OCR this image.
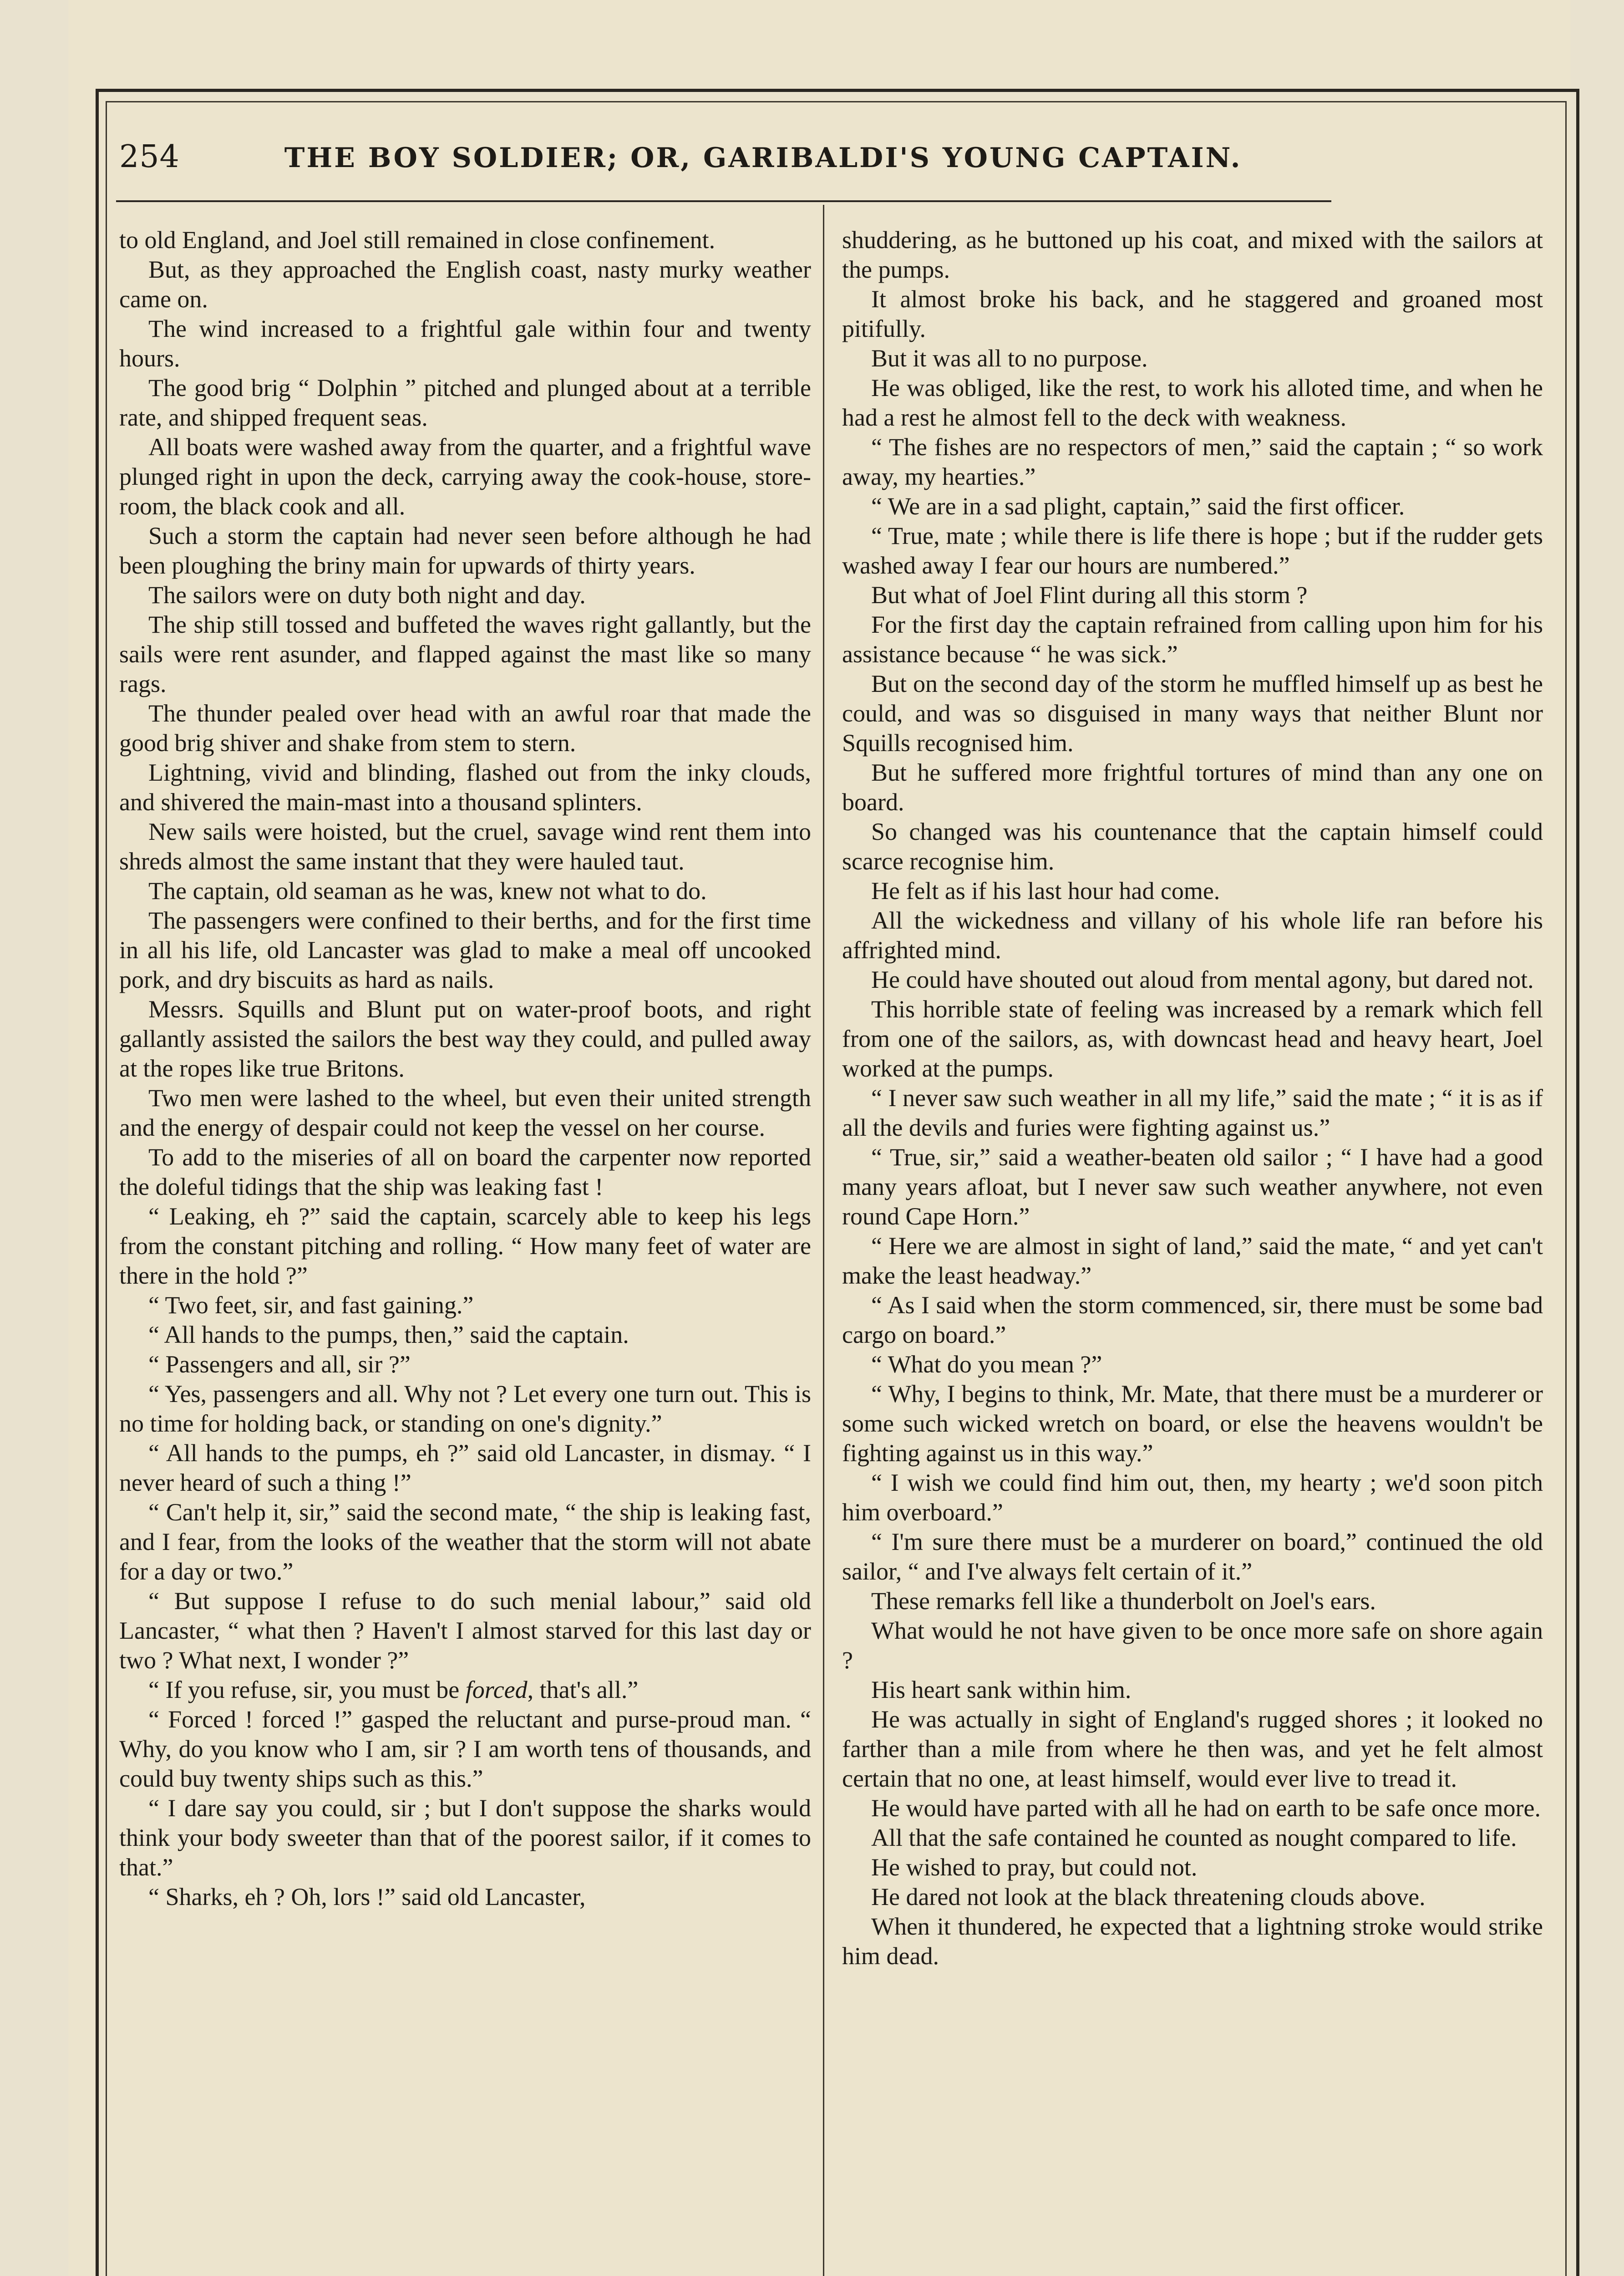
254	THE BOY SOLDIER; OR, GARIBALDI'S YOUNG CAPTAIN.

to old England, and Joel still remained in close confinement.

But, as they approached the English coast, nasty murky weather came on.

The wind increased to a frightful gale within four and twenty hours.

The good brig “ Dolphin ” pitched and plunged about at a terrible rate, and shipped frequent seas.

All boats were washed away from the quarter, and a frightful wave plunged right in upon the deck, carrying away the cook-house, store-room, the black cook and all.

Such a storm the captain had never seen before although he had been ploughing the briny main for upwards of thirty years.

The sailors were on duty both night and day.

The ship still tossed and buffeted the waves right gallantly, but the sails were rent asunder, and flapped against the mast like so many rags.

The thunder pealed over head with an awful roar that made the good brig shiver and shake from stem to stern.

Lightning, vivid and blinding, flashed out from the inky clouds, and shivered the main-mast into a thousand splinters.

New sails were hoisted, but the cruel, savage wind rent them into shreds almost the same instant that they were hauled taut.

The captain, old seaman as he was, knew not what to do.

The passengers were confined to their berths, and for the first time in all his life, old Lancaster was glad to make a meal off uncooked pork, and dry biscuits as hard as nails.

Messrs. Squills and Blunt put on water-proof boots, and right gallantly assisted the sailors the best way they could, and pulled away at the ropes like true Britons.

Two men were lashed to the wheel, but even their united strength and the energy of despair could not keep the vessel on her course.

To add to the miseries of all on board the carpenter now reported the doleful tidings that the ship was leaking fast !

“ Leaking, eh ?” said the captain, scarcely able to keep his legs from the constant pitching and rolling. “ How many feet of water are there in the hold ?”

“ Two feet, sir, and fast gaining.”

“ All hands to the pumps, then,” said the captain.

“ Passengers and all, sir ?”

“ Yes, passengers and all. Why not ? Let every one turn out. This is no time for holding back, or standing on one's dignity.”

“ All hands to the pumps, eh ?” said old Lancaster, in dismay. “ I never heard of such a thing !”

“ Can't help it, sir,” said the second mate, “ the ship is leaking fast, and I fear, from the looks of the weather that the storm will not abate for a day or two.”

“ But suppose I refuse to do such menial labour,” said old Lancaster, “ what then ? Haven't I almost starved for this last day or two ? What next, I wonder ?”

“ If you refuse, sir, you must be forced, that's all.”

“ Forced ! forced !” gasped the reluctant and purse-proud man. “ Why, do you know who I am, sir ? I am worth tens of thousands, and could buy twenty ships such as this.”

“ I dare say you could, sir ; but I don't suppose the sharks would think your body sweeter than that of the poorest sailor, if it comes to that.”

“ Sharks, eh ? Oh, lors !” said old Lancaster,

shuddering, as he buttoned up his coat, and mixed with the sailors at the pumps.

It almost broke his back, and he staggered and groaned most pitifully.

But it was all to no purpose.

He was obliged, like the rest, to work his alloted time, and when he had a rest he almost fell to the deck with weakness.

“ The fishes are no respectors of men,” said the captain ; “ so work away, my hearties.”

“ We are in a sad plight, captain,” said the first officer.

“ True, mate ; while there is life there is hope ; but if the rudder gets washed away I fear our hours are numbered.”

But what of Joel Flint during all this storm ?

For the first day the captain refrained from calling upon him for his assistance because “ he was sick.”

But on the second day of the storm he muffled himself up as best he could, and was so disguised in many ways that neither Blunt nor Squills recognised him.

But he suffered more frightful tortures of mind than any one on board.

So changed was his countenance that the captain himself could scarce recognise him.

He felt as if his last hour had come.

All the wickedness and villany of his whole life ran before his affrighted mind.

He could have shouted out aloud from mental agony, but dared not.

This horrible state of feeling was increased by a remark which fell from one of the sailors, as, with downcast head and heavy heart, Joel worked at the pumps.

“ I never saw such weather in all my life,” said the mate ; “ it is as if all the devils and furies were fighting against us.”

“ True, sir,” said a weather-beaten old sailor ; “ I have had a good many years afloat, but I never saw such weather anywhere, not even round Cape Horn.”

“ Here we are almost in sight of land,” said the mate, “ and yet can't make the least headway.”

“ As I said when the storm commenced, sir, there must be some bad cargo on board.”

“ What do you mean ?”

“ Why, I begins to think, Mr. Mate, that there must be a murderer or some such wicked wretch on board, or else the heavens wouldn't be fighting against us in this way.”

“ I wish we could find him out, then, my hearty ; we'd soon pitch him overboard.”

“ I'm sure there must be a murderer on board,” continued the old sailor, “ and I've always felt certain of it.”

These remarks fell like a thunderbolt on Joel's ears.

What would he not have given to be once more safe on shore again ?

His heart sank within him.

He was actually in sight of England's rugged shores ; it looked no farther than a mile from where he then was, and yet he felt almost certain that no one, at least himself, would ever live to tread it.

He would have parted with all he had on earth to be safe once more.

All that the safe contained he counted as nought compared to life.

He wished to pray, but could not.

He dared not look at the black threatening clouds above.

When it thundered, he expected that a lightning stroke would strike him dead.
